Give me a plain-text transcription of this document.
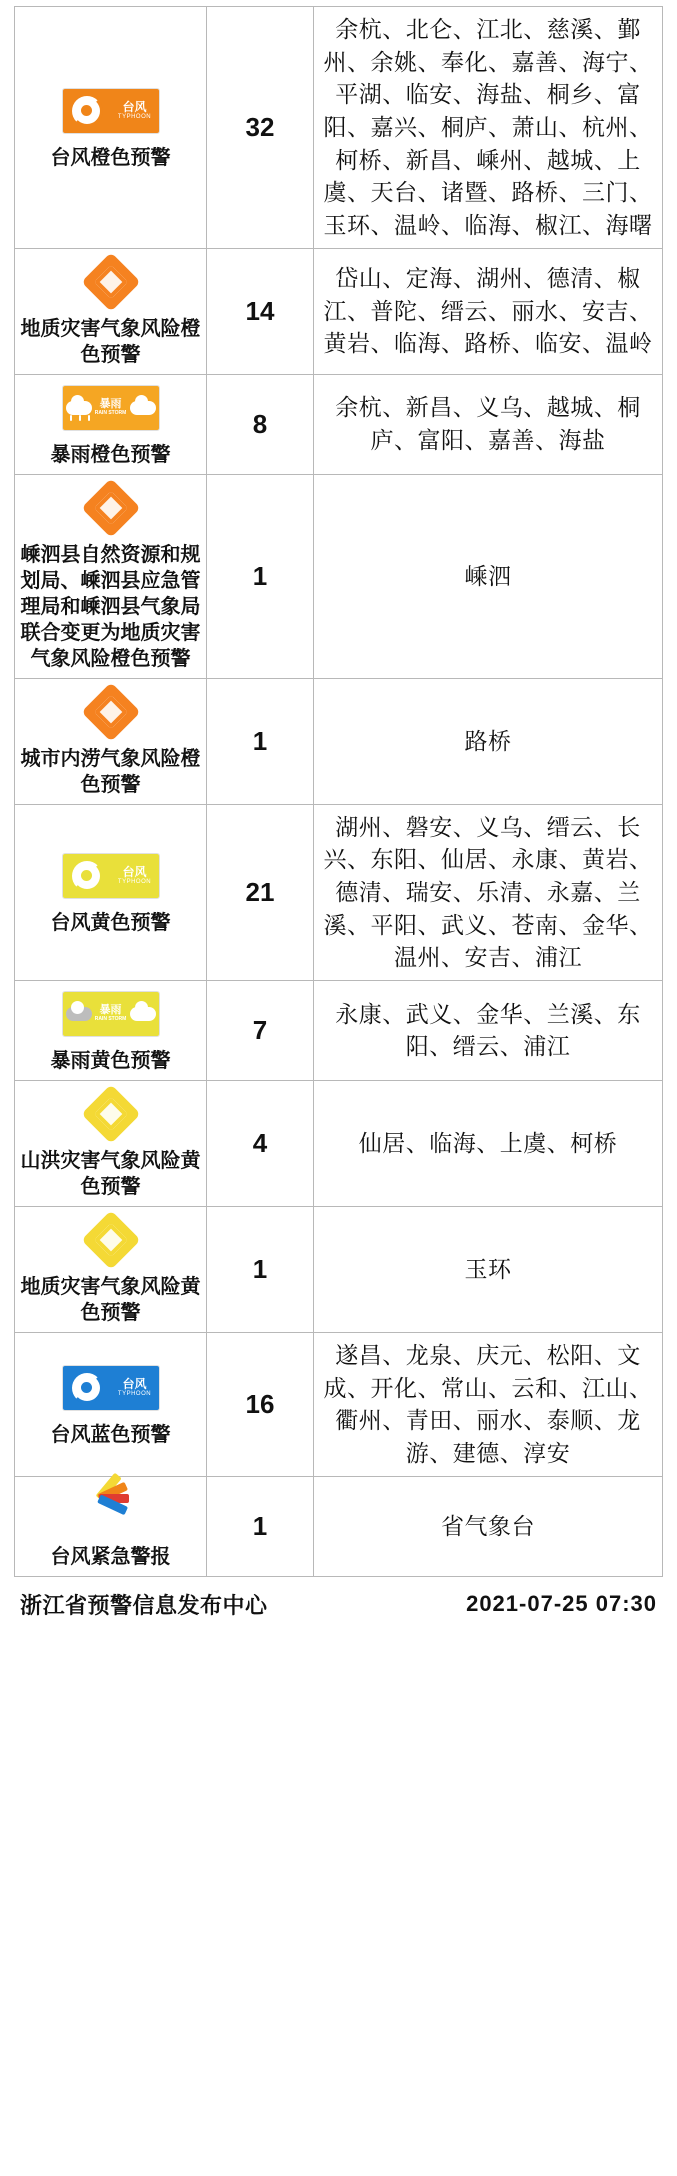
台风
TYPHOON
台风橙色预警	32	余杭、北仑、江北、慈溪、鄞州、余姚、奉化、嘉善、海宁、平湖、临安、海盐、桐乡、富阳、嘉兴、桐庐、萧山、杭州、柯桥、新昌、嵊州、越城、上虞、天台、诸暨、路桥、三门、玉环、温岭、临海、椒江、海曙

地质灾害气象风险橙色预警	14	岱山、定海、湖州、德清、椒江、普陀、缙云、丽水、安吉、黄岩、临海、路桥、临安、温岭

暴雨
RAIN STORM
暴雨橙色预警	8	余杭、新昌、义乌、越城、桐庐、富阳、嘉善、海盐

嵊泗县自然资源和规划局、嵊泗县应急管理局和嵊泗县气象局联合变更为地质灾害气象风险橙色预警	1	嵊泗

城市内涝气象风险橙色预警	1	路桥

台风
TYPHOON
台风黄色预警	21	湖州、磐安、义乌、缙云、长兴、东阳、仙居、永康、黄岩、德清、瑞安、乐清、永嘉、兰溪、平阳、武义、苍南、金华、温州、安吉、浦江

暴雨
RAIN STORM
暴雨黄色预警	7	永康、武义、金华、兰溪、东阳、缙云、浦江

山洪灾害气象风险黄色预警	4	仙居、临海、上虞、柯桥

地质灾害气象风险黄色预警	1	玉环

台风
TYPHOON
台风蓝色预警	16	遂昌、龙泉、庆元、松阳、文成、开化、常山、云和、江山、衢州、青田、丽水、泰顺、龙游、建德、淳安

台风紧急警报	1	省气象台
浙江省预警信息发布中心	2021-07-25 07:30
